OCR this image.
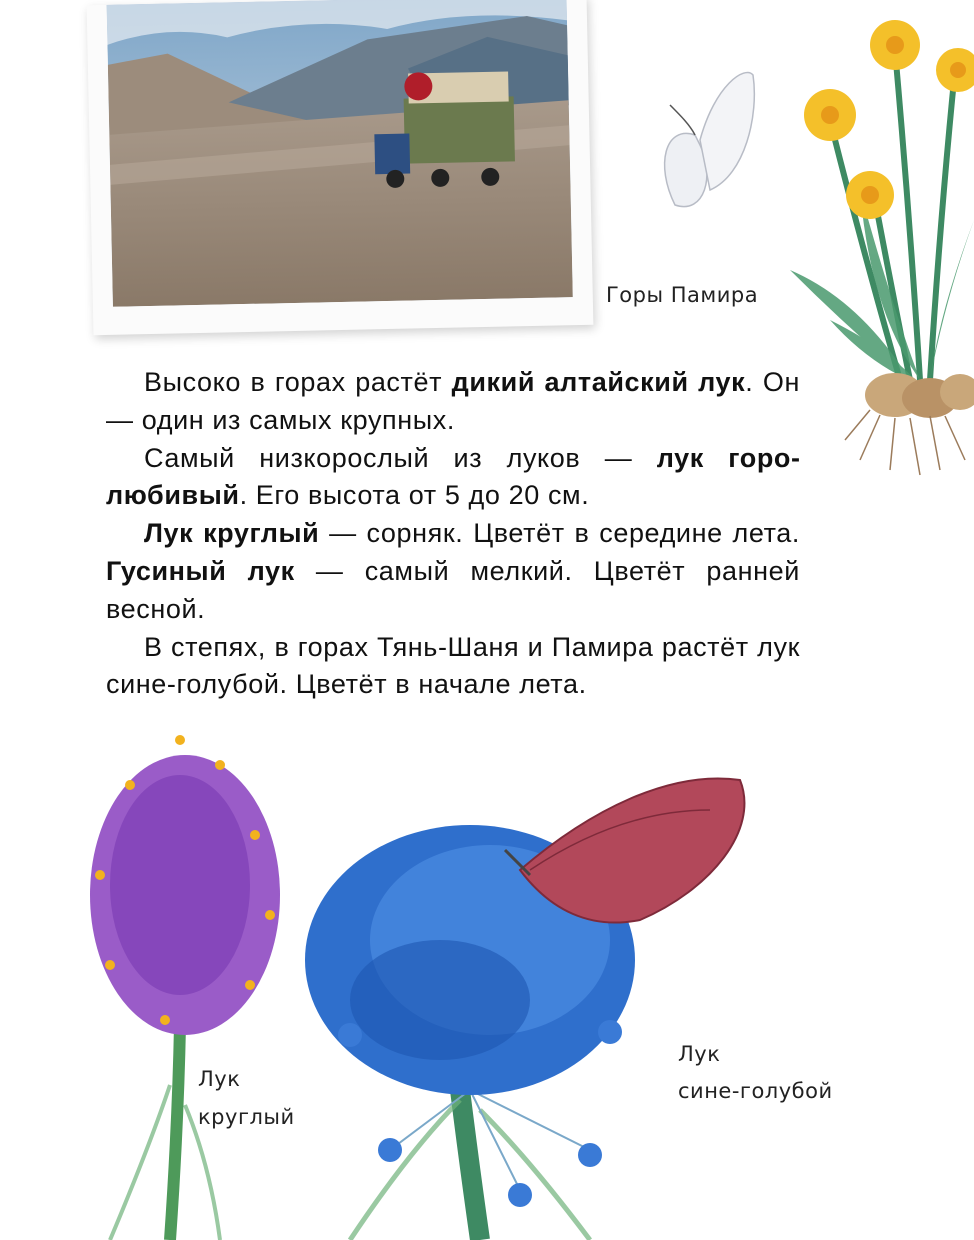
Горы Памира

Высоко в горах растёт дикий алтайский лук. Он — один из самых крупных.

Самый низкорослый из луков — лук горолюбивый. Его высота от 5 до 20 см.

Лук круглый — сорняк. Цветёт в середине лета. Гусиный лук — самый мелкий. Цветёт ранней весной.

В степях, в горах Тянь-Шаня и Памира растёт лук сине-голубой. Цветёт в начале лета.

Лук
круглый
Лук
сине-голубой
